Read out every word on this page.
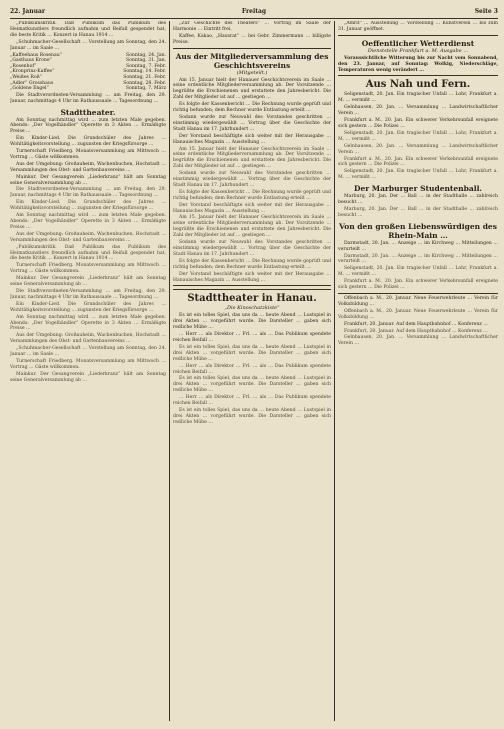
22. Januar	Freitag	Seite 3

„Publikumskritik. Daß Publikum das Publikum des Heimatkunstlers freundlich aufnahm und Beifall gespendet hat, die beste Kritik … Konzert in Hanau 1914 …

„Schuhmacher-Gesellschaft … Vorstellung am Sonntag, den 24. Januar … im Saale …

„Kaffeehaus Rosenau“	Sonntag, 24. Jan.
„Gasthaus Krone“	Sonntag, 31. Jan.
„Rosenhof“	Sonntag, 7. Febr.
„Kronprinz-Kaffee“	Sonntag, 14. Febr.
„Weißes Roß“	Sonntag, 21. Febr.
„Adler“ Grosshaus	Sonntag, 28. Febr.
„Goldene Engel“	Sonntag, 7. März

Die Stadtverordneten-Versammlung … am Freitag, den 29. Januar, nachmittags 4 Uhr im Rathaussaale … Tagesordnung …

Stadttheater.

Am Sonntag nachmittag wird … zum letzten Male gegeben. Abends: „Der Vogelhändler“ Operette in 3 Akten … Ermäßigte Preise …

Ein Kinder-Lied. Die Grundschüler des Jahres … Wohltätigkeitsvorstellung … zugunsten der Kriegsfürsorge …

Turnerschaft Friedberg. Monatsversammlung am Mittwoch … Vortrag … Gäste willkommen.

Aus der Umgebung: Großauheim, Wachenbuchen, Hochstadt … Versammlungen des Obst- und Gartenbauvereins …

Mainkur. Der Gesangverein „Liederkranz“ hält am Sonntag seine Generalversammlung ab …

Die Stadtverordneten-Versammlung … am Freitag, den 29. Januar, nachmittags 4 Uhr im Rathaussaale … Tagesordnung …

Ein Kinder-Lied. Die Grundschüler des Jahres … Wohltätigkeitsvorstellung … zugunsten der Kriegsfürsorge …

Am Sonntag nachmittag wird … zum letzten Male gegeben. Abends: „Der Vogelhändler“ Operette in 3 Akten … Ermäßigte Preise …

Aus der Umgebung: Großauheim, Wachenbuchen, Hochstadt … Versammlungen des Obst- und Gartenbauvereins …

„Publikumskritik. Daß Publikum das Publikum des Heimatkunstlers freundlich aufnahm und Beifall gespendet hat, die beste Kritik … Konzert in Hanau 1914 …

Turnerschaft Friedberg. Monatsversammlung am Mittwoch … Vortrag … Gäste willkommen.

Mainkur. Der Gesangverein „Liederkranz“ hält am Sonntag seine Generalversammlung ab …

Die Stadtverordneten-Versammlung … am Freitag, den 29. Januar, nachmittags 4 Uhr im Rathaussaale … Tagesordnung …

Ein Kinder-Lied. Die Grundschüler des Jahres … Wohltätigkeitsvorstellung … zugunsten der Kriegsfürsorge …

Am Sonntag nachmittag wird … zum letzten Male gegeben. Abends: „Der Vogelhändler“ Operette in 3 Akten … Ermäßigte Preise …

Aus der Umgebung: Großauheim, Wachenbuchen, Hochstadt … Versammlungen des Obst- und Gartenbauvereins …

„Schuhmacher-Gesellschaft … Vorstellung am Sonntag, den 24. Januar … im Saale …

Turnerschaft Friedberg. Monatsversammlung am Mittwoch … Vortrag … Gäste willkommen.

Mainkur. Der Gesangverein „Liederkranz“ hält am Sonntag seine Generalversammlung ab …

„Zur Geschichte des Theaters“ … Vortrag im Saale der Harmonie … Eintritt frei.

Kaffee, Kakao, „Hausrat“ … bei Gebr. Zimmermann … billigste Preise.

Aus der Mitgliederversammlung des Geschichtsvereins
(Mitgeteilt.)

Am 15. Januar hielt der Hanauer Geschichtsverein im Saale … seine ordentliche Mitgliederversammlung ab. Der Vorsitzende … begrüßte die Erschienenen und erstattete den Jahresbericht. Die Zahl der Mitglieder ist auf … gestiegen …

Es folgte der Kassenbericht … Die Rechnung wurde geprüft und richtig befunden; dem Rechner wurde Entlastung erteilt …

Sodann wurde zur Neuwahl des Vorstandes geschritten … einstimmig wiedergewählt … Vortrag über die Geschichte der Stadt Hanau im 17. Jahrhundert …

Der Vorstand beschäftigte sich weiter mit der Herausgabe … Hanauisches Magazin … Ausstellung …

Am 15. Januar hielt der Hanauer Geschichtsverein im Saale … seine ordentliche Mitgliederversammlung ab. Der Vorsitzende … begrüßte die Erschienenen und erstattete den Jahresbericht. Die Zahl der Mitglieder ist auf … gestiegen …

Sodann wurde zur Neuwahl des Vorstandes geschritten … einstimmig wiedergewählt … Vortrag über die Geschichte der Stadt Hanau im 17. Jahrhundert …

Es folgte der Kassenbericht … Die Rechnung wurde geprüft und richtig befunden; dem Rechner wurde Entlastung erteilt …

Der Vorstand beschäftigte sich weiter mit der Herausgabe … Hanauisches Magazin … Ausstellung …

Am 15. Januar hielt der Hanauer Geschichtsverein im Saale … seine ordentliche Mitgliederversammlung ab. Der Vorsitzende … begrüßte die Erschienenen und erstattete den Jahresbericht. Die Zahl der Mitglieder ist auf … gestiegen …

Sodann wurde zur Neuwahl des Vorstandes geschritten … einstimmig wiedergewählt … Vortrag über die Geschichte der Stadt Hanau im 17. Jahrhundert …

Es folgte der Kassenbericht … Die Rechnung wurde geprüft und richtig befunden; dem Rechner wurde Entlastung erteilt …

Der Vorstand beschäftigte sich weiter mit der Herausgabe … Hanauisches Magazin … Ausstellung …

Stadttheater in Hanau.
„Die Kinoschatzkiste“

Es ist ein tolles Spiel, das uns da … heute Abend … Lustspiel in drei Akten … vorgeführt wurde. Die Darsteller … gaben sich redliche Mühe …

… Herr … als Direktor … Frl. … als … Das Publikum spendete reichen Beifall …

Es ist ein tolles Spiel, das uns da … heute Abend … Lustspiel in drei Akten … vorgeführt wurde. Die Darsteller … gaben sich redliche Mühe …

… Herr … als Direktor … Frl. … als … Das Publikum spendete reichen Beifall …

Es ist ein tolles Spiel, das uns da … heute Abend … Lustspiel in drei Akten … vorgeführt wurde. Die Darsteller … gaben sich redliche Mühe …

… Herr … als Direktor … Frl. … als … Das Publikum spendete reichen Beifall …

Es ist ein tolles Spiel, das uns da … heute Abend … Lustspiel in drei Akten … vorgeführt wurde. Die Darsteller … gaben sich redliche Mühe …

„Amrit“ … Ausstellung … Vorstellung … Kunstverein … bis zum 31. Januar geöffnet.

Oeffentlicher Wetterdienst
Dienststelle Frankfurt a. M. Ausgabe …

Voraussichtliche Witterung bis zur Nacht vom Sonnabend, den 23. Januar, auf Sonntag: Wolkig, Niederschläge, Temperaturen wenig verändert …

Aus Nah und Fern.

Seligenstadt, 20. Jan. Ein tragischer Unfall … Lohr, Frankfurt a. M. … vermißt …

Gelnhausen, 20. Jan. … Versammlung … Landwirtschaftlicher Verein …

Frankfurt a. M., 20. Jan. Ein schwerer Verkehrsunfall ereignete sich gestern … Die Polizei …

Seligenstadt, 20. Jan. Ein tragischer Unfall … Lohr, Frankfurt a. M. … vermißt …

Gelnhausen, 20. Jan. … Versammlung … Landwirtschaftlicher Verein …

Frankfurt a. M., 20. Jan. Ein schwerer Verkehrsunfall ereignete sich gestern … Die Polizei …

Seligenstadt, 20. Jan. Ein tragischer Unfall … Lohr, Frankfurt a. M. … vermißt …

Der Marburger Studentenball.

Marburg, 20. Jan. Der … Ball … in der Stadthalle … zahlreich besucht …

Marburg, 20. Jan. Der … Ball … in der Stadthalle … zahlreich besucht …

Von den großen Liebenswürdigen des Rhein-Main …

Darmstadt, 20. Jan. … Anzeige … im Kirchweg … Mitteilungen … verurteilt …

Darmstadt, 20. Jan. … Anzeige … im Kirchweg … Mitteilungen … verurteilt …

Seligenstadt, 20. Jan. Ein tragischer Unfall … Lohr, Frankfurt a. M. … vermißt …

Frankfurt a. M., 20. Jan. Ein schwerer Verkehrsunfall ereignete sich gestern … Die Polizei …

Offenbach a. M., 20. Januar. Neue Feuerwehrleute … Verein für Volksbildung …

Offenbach a. M., 20. Januar. Neue Feuerwehrleute … Verein für Volksbildung …

Frankfurt, 20. Januar. Auf dem Hauptbahnhof … Konferenz …

Frankfurt, 20. Januar. Auf dem Hauptbahnhof … Konferenz …

Gelnhausen, 20. Jan. … Versammlung … Landwirtschaftlicher Verein …
